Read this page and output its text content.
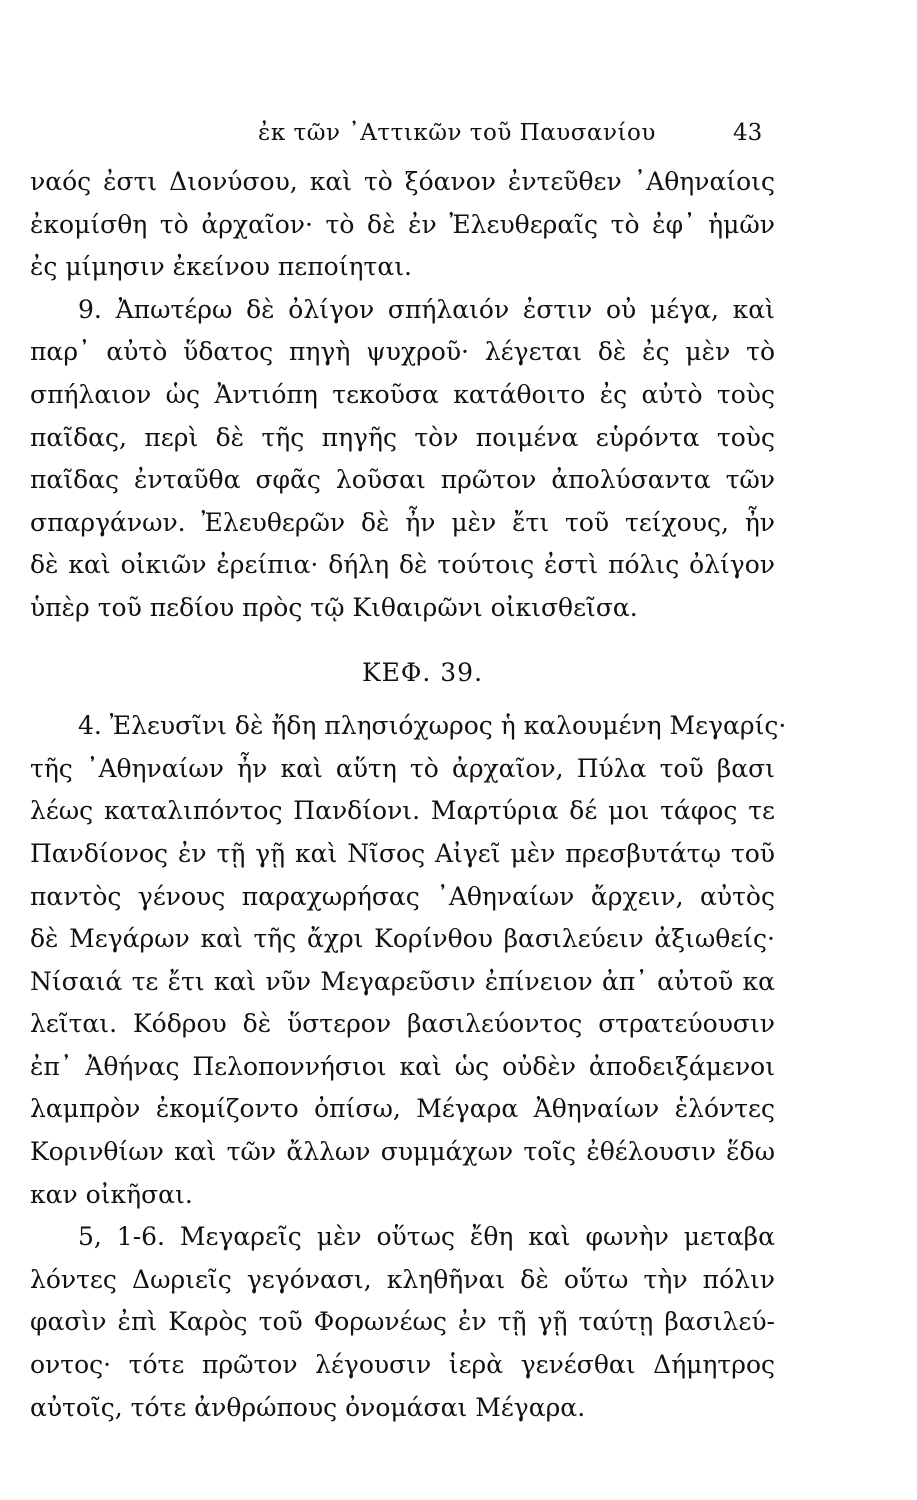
ἐκ τῶν ᾿Αττικῶν τοῦ Παυσανίου	43
ναός ἐστι Διονύσου, καὶ τὸ ξόανον ἐντεῦθεν ᾿Αθηναίοις
ἐκομίσθη τὸ ἀρχαῖον· τὸ δὲ ἐν Ἐλευθεραῖς τὸ ἐφ᾿ ἡμῶν
ἐς μίμησιν ἐκείνου πεποίηται.
9. Ἀπωτέρω δὲ ὀλίγον σπήλαιόν ἐστιν οὐ μέγα, καὶ
παρ᾿ αὐτὸ ὕδατος πηγὴ ψυχροῦ· λέγεται δὲ ἐς μὲν τὸ
σπήλαιον ὡς Ἀντιόπη τεκοῦσα κατάθοιτο ἐς αὐτὸ τοὺς
παῖδας, περὶ δὲ τῆς πηγῆς τὸν ποιμένα εὑρόντα τοὺς
παῖδας ἐνταῦθα σφᾶς λοῦσαι πρῶτον ἀπολύσαντα τῶν
σπαργάνων. Ἐλευθερῶν δὲ ἦν μὲν ἔτι τοῦ τείχους, ἦν
δὲ καὶ οἰκιῶν ἐρείπια· δήλη δὲ τούτοις ἐστὶ πόλις ὀλίγον
ὑπὲρ τοῦ πεδίου πρὸς τῷ Κιθαιρῶνι οἰκισθεῖσα.
ΚΕΦ. 39.
4. Ἐλευσῖνι δὲ ἤδη πλησιόχωρος ἡ καλουμένη Μεγαρίς·
τῆς ᾿Αθηναίων ἦν καὶ αὕτη τὸ ἀρχαῖον, Πύλα τοῦ βασι
λέως καταλιπόντος Πανδίονι. Μαρτύρια δέ μοι τάφος τε
Πανδίονος ἐν τῇ γῇ καὶ Νῖσος Αἰγεῖ μὲν πρεσβυτάτῳ τοῦ
παντὸς γένους παραχωρήσας ᾿Αθηναίων ἄρχειν, αὐτὸς
δὲ Μεγάρων καὶ τῆς ἄχρι Κορίνθου βασιλεύειν ἀξιωθείς·
Νίσαιά τε ἔτι καὶ νῦν Μεγαρεῦσιν ἐπίνειον ἀπ᾿ αὐτοῦ κα
λεῖται. Κόδρου δὲ ὕστερον βασιλεύοντος στρατεύουσιν
ἐπ᾿ Ἀθήνας Πελοποννήσιοι καὶ ὡς οὐδὲν ἀποδειξάμενοι
λαμπρὸν ἐκομίζοντο ὀπίσω, Μέγαρα Ἀθηναίων ἑλόντες
Κορινθίων καὶ τῶν ἄλλων συμμάχων τοῖς ἐθέλουσιν ἕδω
καν οἰκῆσαι.
5, 1-6. Μεγαρεῖς μὲν οὕτως ἔθη καὶ φωνὴν μεταβα
λόντες Δωριεῖς γεγόνασι, κληθῆναι δὲ οὕτω τὴν πόλιν
φασὶν ἐπὶ Καρὸς τοῦ Φορωνέως ἐν τῇ γῇ ταύτῃ βασιλεύ-
οντος· τότε πρῶτον λέγουσιν ἱερὰ γενέσθαι Δήμητρος
αὐτοῖς, τότε ἀνθρώπους ὀνομάσαι Μέγαρα.
